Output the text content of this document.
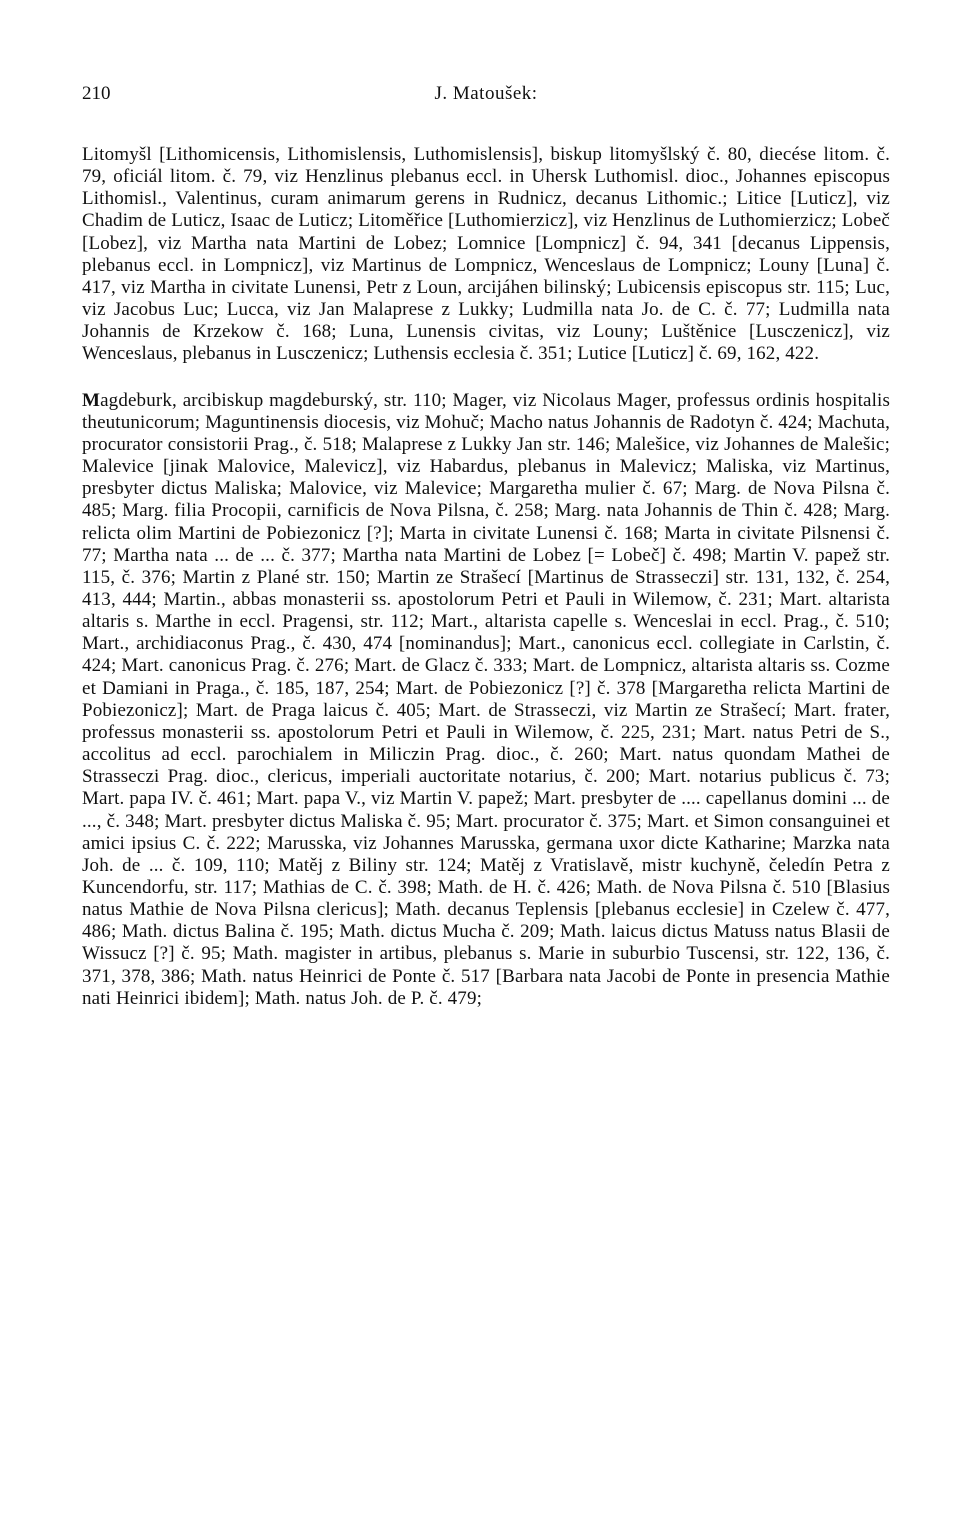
210	J. Matoušek:

Litomyšl [Lithomicensis, Lithomislensis, Luthomislensis], biskup litomyšlský č. 80, diecése litom. č. 79, oficiál litom. č. 79, viz Henzlinus plebanus eccl. in Uhersk Luthomisl. dioc., Johannes episcopus Lithomisl., Valentinus, curam animarum gerens in Rudnicz, decanus Lithomic.; Litice [Luticz], viz Chadim de Luticz, Isaac de Luticz; Litoměřice [Luthomierzicz], viz Henzlinus de Luthomierzicz; Lobeč [Lobez], viz Martha nata Martini de Lobez; Lomnice [Lompnicz] č. 94, 341 [decanus Lippensis, plebanus eccl. in Lompnicz], viz Martinus de Lompnicz, Wenceslaus de Lompnicz; Louny [Luna] č. 417, viz Martha in civitate Lunensi, Petr z Loun, arcijáhen bilinský; Lubicensis episcopus str. 115; Luc, viz Jacobus Luc; Lucca, viz Jan Malaprese z Lukky; Ludmilla nata Jo. de C. č. 77; Ludmilla nata Johannis de Krzekow č. 168; Luna, Lunensis civitas, viz Louny; Luštěnice [Lusczenicz], viz Wenceslaus, plebanus in Lusczenicz; Luthensis ecclesia č. 351; Lutice [Luticz] č. 69, 162, 422.

Magdeburk, arcibiskup magdeburský, str. 110; Mager, viz Nicolaus Mager, professus ordinis hospitalis theutunicorum; Maguntinensis diocesis, viz Mohuč; Macho natus Johannis de Radotyn č. 424; Machuta, procurator consistorii Prag., č. 518; Malaprese z Lukky Jan str. 146; Malešice, viz Johannes de Malešic; Malevice [jinak Malovice, Malevicz], viz Habardus, plebanus in Malevicz; Maliska, viz Martinus, presbyter dictus Maliska; Malovice, viz Malevice; Margaretha mulier č. 67; Marg. de Nova Pilsna č. 485; Marg. filia Procopii, carnificis de Nova Pilsna, č. 258; Marg. nata Johannis de Thin č. 428; Marg. relicta olim Martini de Pobiezonicz [?]; Marta in civitate Lunensi č. 168; Marta in civitate Pilsnensi č. 77; Martha nata ... de ... č. 377; Martha nata Martini de Lobez [= Lobeč] č. 498; Martin V. papež str. 115, č. 376; Martin z Plané str. 150; Martin ze Strašecí [Martinus de Strasseczi] str. 131, 132, č. 254, 413, 444; Martin., abbas monasterii ss. apostolorum Petri et Pauli in Wilemow, č. 231; Mart. altarista altaris s. Marthe in eccl. Pragensi, str. 112; Mart., altarista capelle s. Wenceslai in eccl. Prag., č. 510; Mart., archidiaconus Prag., č. 430, 474 [nominandus]; Mart., canonicus eccl. collegiate in Carlstin, č. 424; Mart. canonicus Prag. č. 276; Mart. de Glacz č. 333; Mart. de Lompnicz, altarista altaris ss. Cozme et Damiani in Praga., č. 185, 187, 254; Mart. de Pobiezonicz [?] č. 378 [Margaretha relicta Martini de Pobiezonicz]; Mart. de Praga laicus č. 405; Mart. de Strasseczi, viz Martin ze Strašecí; Mart. frater, professus monasterii ss. apostolorum Petri et Pauli in Wilemow, č. 225, 231; Mart. natus Petri de S., accolitus ad eccl. parochialem in Miliczin Prag. dioc., č. 260; Mart. natus quondam Mathei de Strasseczi Prag. dioc., clericus, imperiali auctoritate notarius, č. 200; Mart. notarius publicus č. 73; Mart. papa IV. č. 461; Mart. papa V., viz Martin V. papež; Mart. presbyter de .... capellanus domini ... de ..., č. 348; Mart. presbyter dictus Maliska č. 95; Mart. procurator č. 375; Mart. et Simon consanguinei et amici ipsius C. č. 222; Marusska, viz Johannes Marusska, germana uxor dicte Katharine; Marzka nata Joh. de ... č. 109, 110; Matěj z Biliny str. 124; Matěj z Vratislavě, mistr kuchyně, čeledín Petra z Kuncendorfu, str. 117; Mathias de C. č. 398; Math. de H. č. 426; Math. de Nova Pilsna č. 510 [Blasius natus Mathie de Nova Pilsna clericus]; Math. decanus Teplensis [plebanus ecclesie] in Czelew č. 477, 486; Math. dictus Balina č. 195; Math. dictus Mucha č. 209; Math. laicus dictus Matuss natus Blasii de Wissucz [?] č. 95; Math. magister in artibus, plebanus s. Marie in suburbio Tuscensi, str. 122, 136, č. 371, 378, 386; Math. natus Heinrici de Ponte č. 517 [Barbara nata Jacobi de Ponte in presencia Mathie nati Heinrici ibidem]; Math. natus Joh. de P. č. 479;
